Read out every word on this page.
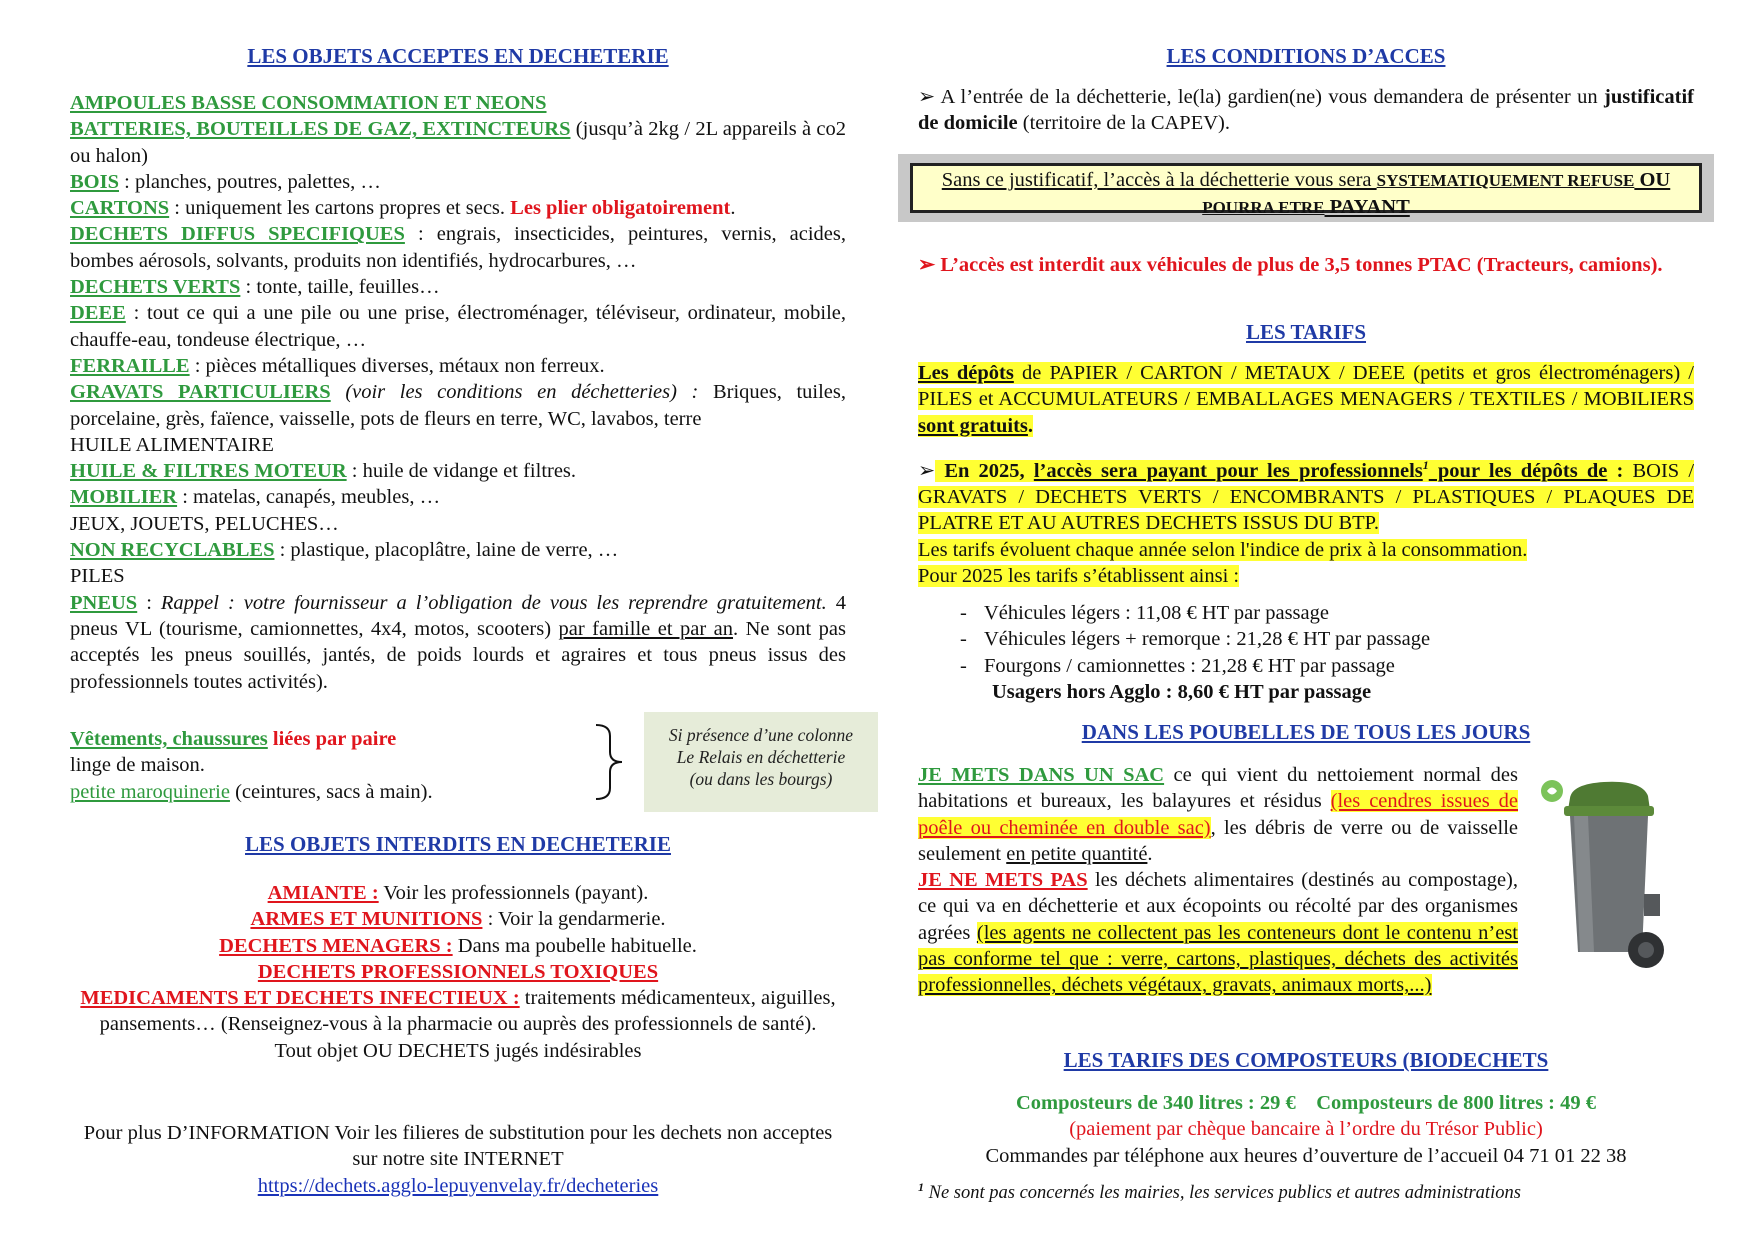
LES OBJETS ACCEPTES EN DECHETERIE
AMPOULES BASSE CONSOMMATION ET NEONS
BATTERIES, BOUTEILLES DE GAZ, EXTINCTEURS (jusqu’à 2kg / 2L appareils à co2 ou halon)
BOIS : planches, poutres, palettes, …
CARTONS : uniquement les cartons propres et secs. Les plier obligatoirement.
DECHETS DIFFUS SPECIFIQUES : engrais, insecticides, peintures, vernis, acides, bombes aérosols, solvants, produits non identifiés, hydrocarbures, …
DECHETS VERTS : tonte, taille, feuilles…
DEEE : tout ce qui a une pile ou une prise, électroménager, téléviseur, ordinateur, mobile, chauffe-eau, tondeuse électrique, …
FERRAILLE : pièces métalliques diverses, métaux non ferreux.
GRAVATS PARTICULIERS (voir les conditions en déchetteries) : Briques, tuiles, porcelaine, grès, faïence, vaisselle, pots de fleurs en terre, WC, lavabos, terre
HUILE ALIMENTAIRE
HUILE & FILTRES MOTEUR : huile de vidange et filtres.
MOBILIER : matelas, canapés, meubles, …
JEUX, JOUETS, PELUCHES…
NON RECYCLABLES : plastique, placoplâtre, laine de verre, …
PILES
PNEUS : Rappel : votre fournisseur a l’obligation de vous les reprendre gratuitement. 4 pneus VL (tourisme, camionnettes, 4x4, motos, scooters) par famille et par an. Ne sont pas acceptés les pneus souillés, jantés, de poids lourds et agraires et tous pneus issus des professionnels toutes activités).
Vêtements, chaussures liées par paire
linge de maison.
petite maroquinerie (ceintures, sacs à main).
Si présence d’une colonne
Le Relais en déchetterie
(ou dans les bourgs)
LES OBJETS INTERDITS EN DECHETERIE
AMIANTE : Voir les professionnels (payant).
ARMES ET MUNITIONS : Voir la gendarmerie.
DECHETS MENAGERS : Dans ma poubelle habituelle.
DECHETS PROFESSIONNELS TOXIQUES
MEDICAMENTS ET DECHETS INFECTIEUX : traitements médicamenteux, aiguilles, pansements… (Renseignez-vous à la pharmacie ou auprès des professionnels de santé).
Tout objet OU DECHETS jugés indésirables
Pour plus D’INFORMATION Voir les filieres de substitution pour les dechets non acceptes sur notre site INTERNET
https://dechets.agglo-lepuyenvelay.fr/decheteries
LES CONDITIONS D’ACCES
➢ A l’entrée de la déchetterie, le(la) gardien(ne) vous demandera de présenter un justificatif de domicile (territoire de la CAPEV).
Sans ce justificatif, l’accès à la déchetterie vous sera SYSTEMATIQUEMENT REFUSE OU POURRA ETRE PAYANT
➢ L’accès est interdit aux véhicules de plus de 3,5 tonnes PTAC (Tracteurs, camions).
LES TARIFS
Les dépôts de PAPIER / CARTON / METAUX / DEEE (petits et gros électroménagers) / PILES et ACCUMULATEURS / EMBALLAGES MENAGERS / TEXTILES / MOBILIERS sont gratuits.
➢ En 2025, l’accès sera payant pour les professionnels$^1$ pour les dépôts de : BOIS / GRAVATS / DECHETS VERTS / ENCOMBRANTS / PLASTIQUES / PLAQUES DE PLATRE ET AU AUTRES DECHETS ISSUS DU BTP.
Les tarifs évoluent chaque année selon l'indice de prix à la consommation.
Pour 2025 les tarifs s’établissent ainsi :
- Véhicules légers : 11,08 € HT par passage
- Véhicules légers + remorque : 21,28 € HT par passage
- Fourgons / camionnettes : 21,28 € HT par passage
Usagers hors Agglo : 8,60 € HT par passage
DANS LES POUBELLES DE TOUS LES JOURS
JE METS DANS UN SAC ce qui vient du nettoiement normal des habitations et bureaux, les balayures et résidus (les cendres issues de poêle ou cheminée en double sac), les débris de verre ou de vaisselle seulement en petite quantité.
JE NE METS PAS les déchets alimentaires (destinés au compostage), ce qui va en déchetterie et aux écopoints ou récolté par des organismes agrées (les agents ne collectent pas les conteneurs dont le contenu n’est pas conforme tel que : verre, cartons, plastiques, déchets des activités professionnelles, déchets végétaux, gravats, animaux morts,...)
LES TARIFS DES COMPOSTEURS (BIODECHETS
Composteurs de 340 litres : 29 €    Composteurs de 800 litres : 49 €
(paiement par chèque bancaire à l’ordre du Trésor Public)
Commandes par téléphone aux heures d’ouverture de l’accueil 04 71 01 22 38
$^1$ Ne sont pas concernés les mairies, les services publics et autres administrations
